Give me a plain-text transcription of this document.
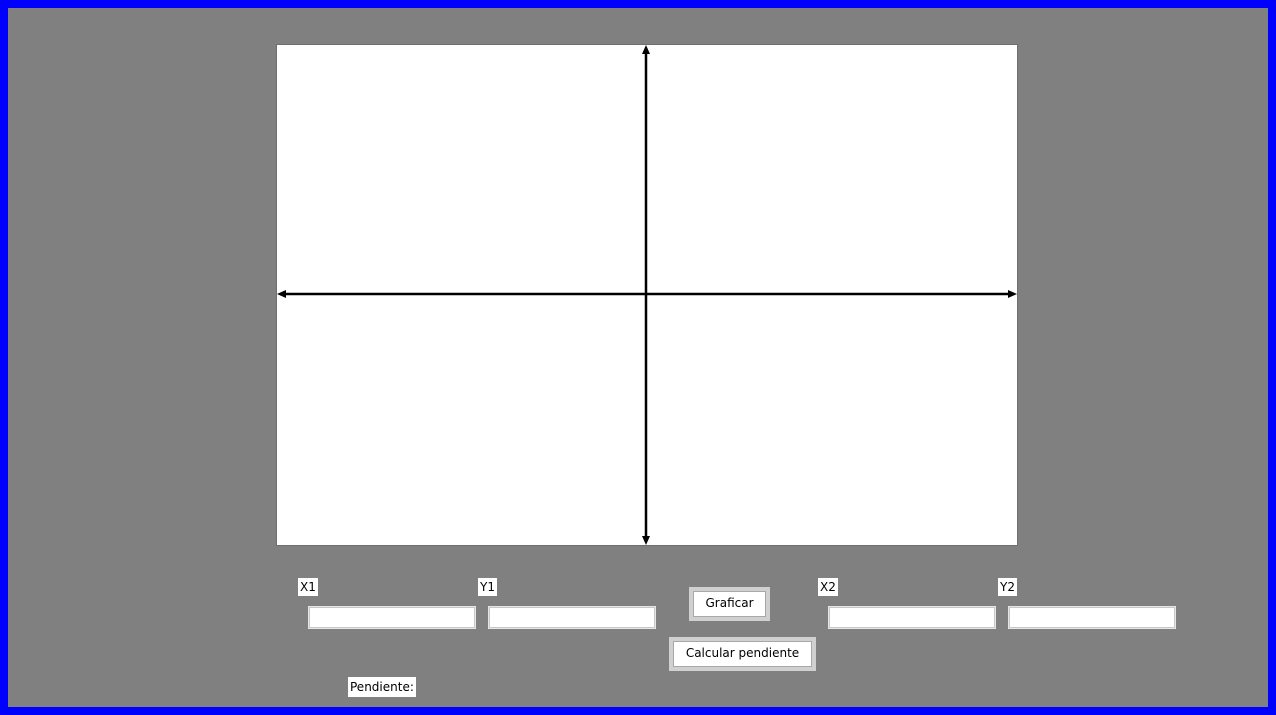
X1	Y1	X2	Y2
Graficar
Calcular pendiente
Pendiente:
